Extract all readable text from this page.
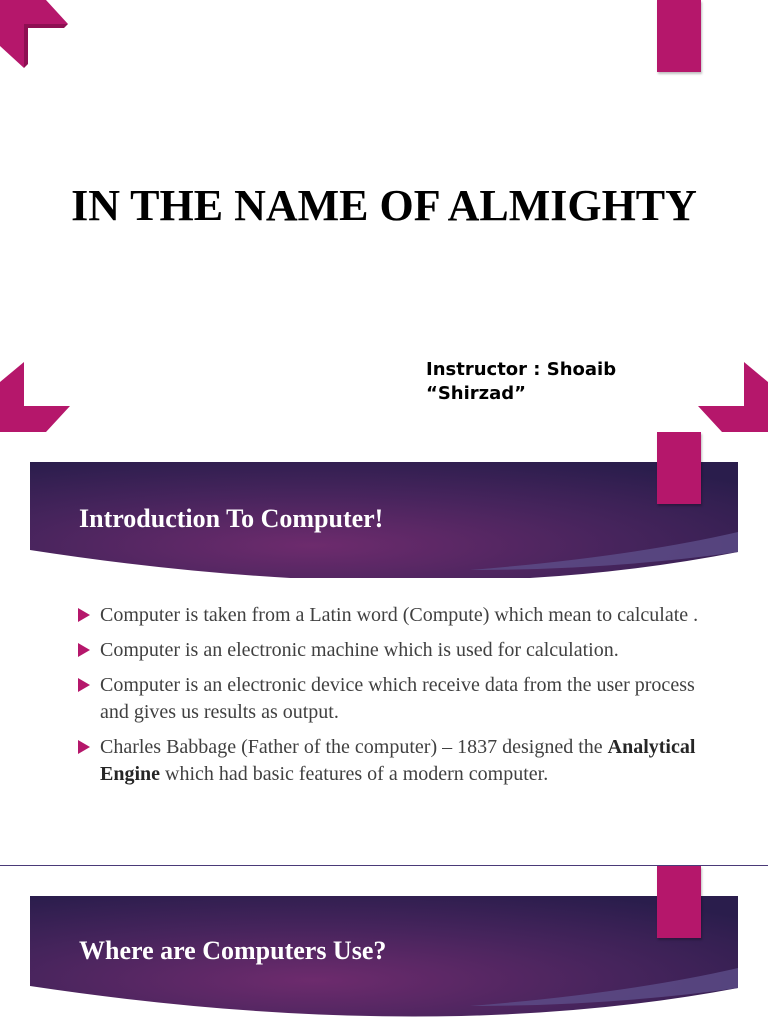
IN THE NAME OF ALMIGHTY
Instructor : Shoaib
“Shirzad”
Introduction To Computer!
Computer is taken from a Latin word (Compute) which mean to calculate .
Computer is an electronic machine which is used for calculation.
Computer is an electronic device which receive data from the user process and gives us results as output.
Charles Babbage (Father of the computer) – 1837 designed the Analytical Engine which had basic features of a modern computer.
Where are Computers Use?
